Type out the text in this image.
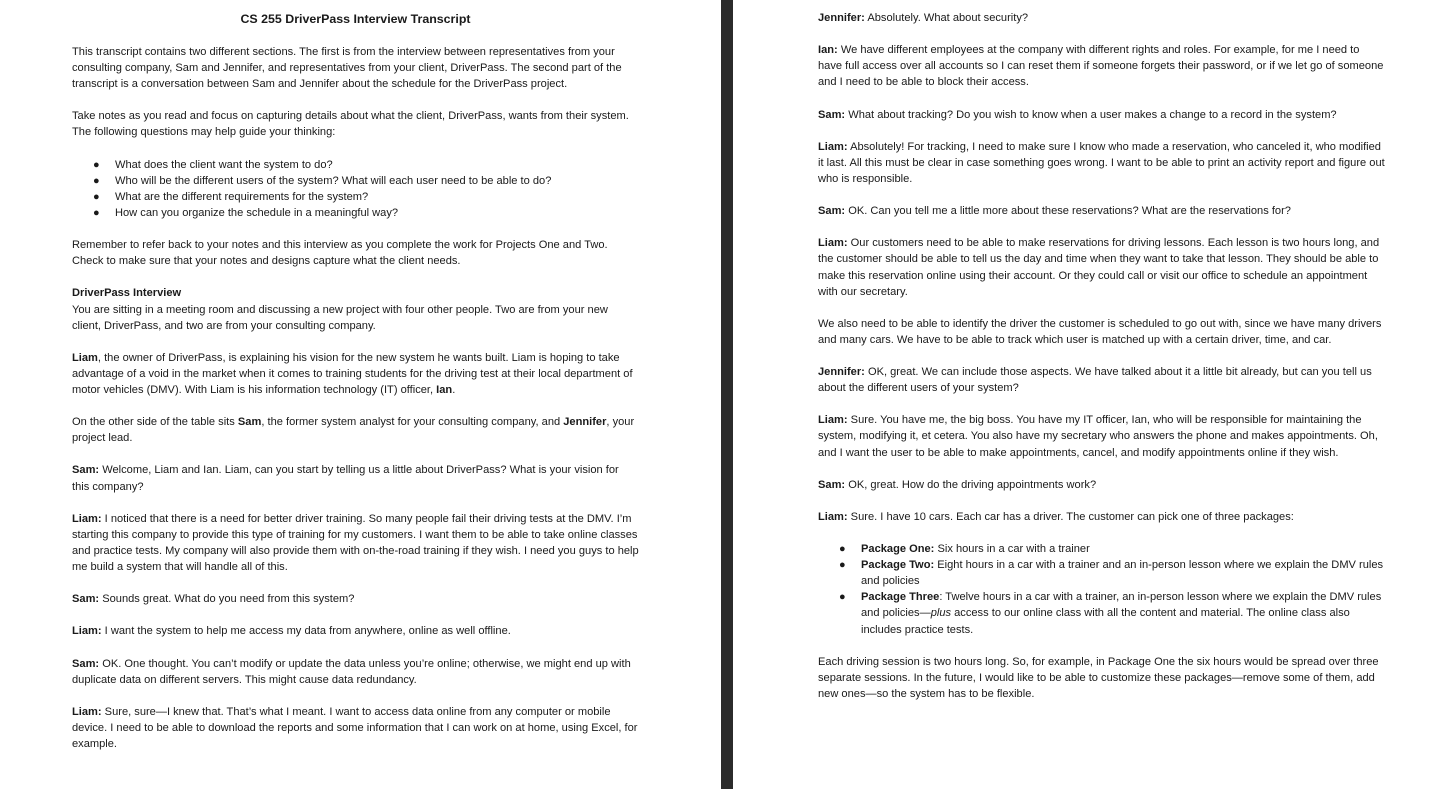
CS 255 DriverPass Interview Transcript

This transcript contains two different sections. The first is from the interview between representatives from your consulting company, Sam and Jennifer, and representatives from your client, DriverPass. The second part of the transcript is a conversation between Sam and Jennifer about the schedule for the DriverPass project.

Take notes as you read and focus on capturing details about what the client, DriverPass, wants from their system. The following questions may help guide your thinking:

● What does the client want the system to do?
● Who will be the different users of the system? What will each user need to be able to do?
● What are the different requirements for the system?
● How can you organize the schedule in a meaningful way?

Remember to refer back to your notes and this interview as you complete the work for Projects One and Two. Check to make sure that your notes and designs capture what the client needs.

DriverPass Interview

You are sitting in a meeting room and discussing a new project with four other people. Two are from your new client, DriverPass, and two are from your consulting company.

Liam, the owner of DriverPass, is explaining his vision for the new system he wants built. Liam is hoping to take advantage of a void in the market when it comes to training students for the driving test at their local department of motor vehicles (DMV). With Liam is his information technology (IT) officer, Ian.

On the other side of the table sits Sam, the former system analyst for your consulting company, and Jennifer, your project lead.

Sam: Welcome, Liam and Ian. Liam, can you start by telling us a little about DriverPass? What is your vision for this company?

Liam: I noticed that there is a need for better driver training. So many people fail their driving tests at the DMV. I’m starting this company to provide this type of training for my customers. I want them to be able to take online classes and practice tests. My company will also provide them with on-the-road training if they wish. I need you guys to help me build a system that will handle all of this.

Sam: Sounds great. What do you need from this system?

Liam: I want the system to help me access my data from anywhere, online as well offline.

Sam: OK. One thought. You can’t modify or update the data unless you’re online; otherwise, we might end up with duplicate data on different servers. This might cause data redundancy.

Liam: Sure, sure—I knew that. That’s what I meant. I want to access data online from any computer or mobile device. I need to be able to download the reports and some information that I can work on at home, using Excel, for example.

Jennifer: Absolutely. What about security?

Ian: We have different employees at the company with different rights and roles. For example, for me I need to have full access over all accounts so I can reset them if someone forgets their password, or if we let go of someone and I need to be able to block their access.

Sam: What about tracking? Do you wish to know when a user makes a change to a record in the system?

Liam: Absolutely! For tracking, I need to make sure I know who made a reservation, who canceled it, who modified it last. All this must be clear in case something goes wrong. I want to be able to print an activity report and figure out who is responsible.

Sam: OK. Can you tell me a little more about these reservations? What are the reservations for?

Liam: Our customers need to be able to make reservations for driving lessons. Each lesson is two hours long, and the customer should be able to tell us the day and time when they want to take that lesson. They should be able to make this reservation online using their account. Or they could call or visit our office to schedule an appointment with our secretary.

We also need to be able to identify the driver the customer is scheduled to go out with, since we have many drivers and many cars. We have to be able to track which user is matched up with a certain driver, time, and car.

Jennifer: OK, great. We can include those aspects. We have talked about it a little bit already, but can you tell us about the different users of your system?

Liam: Sure. You have me, the big boss. You have my IT officer, Ian, who will be responsible for maintaining the system, modifying it, et cetera. You also have my secretary who answers the phone and makes appointments. Oh, and I want the user to be able to make appointments, cancel, and modify appointments online if they wish.

Sam: OK, great. How do the driving appointments work?

Liam: Sure. I have 10 cars. Each car has a driver. The customer can pick one of three packages:

● Package One: Six hours in a car with a trainer
● Package Two: Eight hours in a car with a trainer and an in-person lesson where we explain the DMV rules and policies
● Package Three: Twelve hours in a car with a trainer, an in-person lesson where we explain the DMV rules and policies—plus access to our online class with all the content and material. The online class also includes practice tests.

Each driving session is two hours long. So, for example, in Package One the six hours would be spread over three separate sessions. In the future, I would like to be able to customize these packages—remove some of them, add new ones—so the system has to be flexible.
